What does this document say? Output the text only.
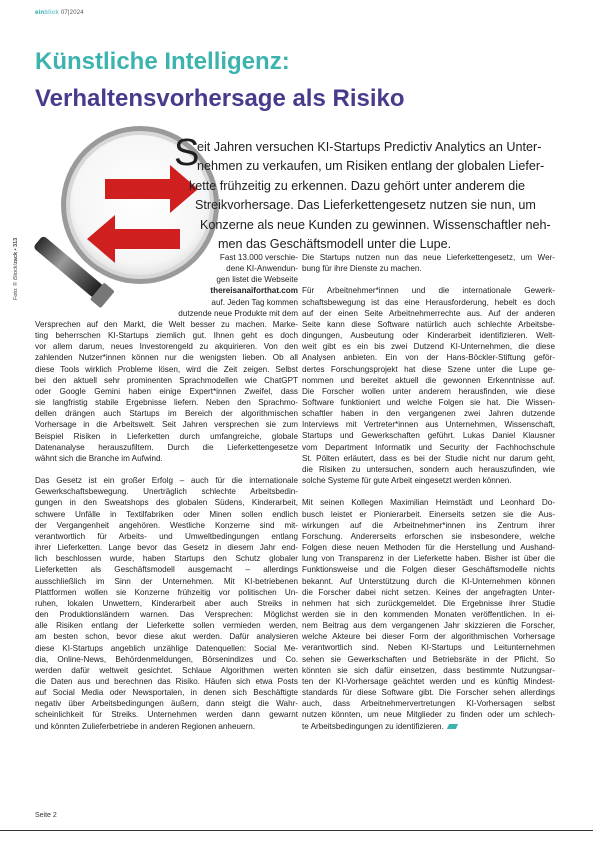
einblick 07|2024
Künstliche Intelligenz:
Verhaltensvorhersage als Risiko
Foto: © iStock/zack • 313
S
eit Jahren versuchen KI-Startups Predictiv Analytics an Unter-
nehmen zu verkaufen, um Risiken entlang der globalen Liefer-
kette frühzeitig zu erkennen. Dazu gehört unter anderem die
Streikvorhersage. Das Lieferkettengesetz nutzen sie nun, um
Konzerne als neue Kunden zu gewinnen. Wissenschaftler neh-
men das Geschäftsmodell unter die Lupe.
Fast 13.000 verschie-
dene KI-Anwendun-
gen listet die Webseite
thereisanaiforthat.com
auf. Jeden Tag kommen
dutzende neue Produkte mit dem
Versprechen auf den Markt, die Welt besser zu machen. Marke-
ting beherrschen KI-Startups ziemlich gut. Ihnen geht es doch
vor allem darum, neues Investorengeld zu akquirieren. Von den
zahlenden Nutzer*innen können nur die wenigsten lieben. Ob all
diese Tools wirklich Probleme lösen, wird die Zeit zeigen. Selbst
bei den aktuell sehr prominenten Sprachmodellen wie ChatGPT
oder Google Gemini haben einige Expert*innen Zweifel, dass
sie langfristig stabile Ergebnisse liefern. Neben den Sprachmo-
dellen drängen auch Startups im Bereich der algorithmischen
Vorhersage in die Arbeitswelt. Seit Jahren versprechen sie zum
Beispiel Risiken in Lieferketten durch umfangreiche, globale
Datenanalyse herauszufiltern. Durch die Lieferkettengesetze
wähnt sich die Branche im Aufwind.
Das Gesetz ist ein großer Erfolg – auch für die internationale
Gewerkschaftsbewegung. Unerträglich schlechte Arbeitsbedin-
gungen in den Sweatshops des globalen Südens, Kinderarbeit,
schwere Unfälle in Textilfabriken oder Minen sollen endlich
der Vergangenheit angehören. Westliche Konzerne sind mit-
verantwortlich für Arbeits- und Umweltbedingungen entlang
ihrer Lieferketten. Lange bevor das Gesetz in diesem Jahr end-
lich beschlossen wurde, haben Startups den Schutz globaler
Lieferketten als Geschäftsmodell ausgemacht – allerdings
ausschließlich im Sinn der Unternehmen. Mit KI-betriebenen
Plattformen wollen sie Konzerne frühzeitig vor politischen Un-
ruhen, lokalen Unwettern, Kinderarbeit aber auch Streiks in
den Produktionsländern warnen. Das Versprechen: Möglichst
alle Risiken entlang der Lieferkette sollen vermieden werden,
am besten schon, bevor diese akut werden. Dafür analysieren
diese KI-Startups angeblich unzählige Datenquellen: Social Me-
dia, Online-News, Behördenmeldungen, Börsenindizes und Co.
werden dafür weltweit gesichtet. Schlaue Algorithmen werten
die Daten aus und berechnen das Risiko. Häufen sich etwa Posts
auf Social Media oder Newsportalen, in denen sich Beschäftigte
negativ über Arbeitsbedingungen äußern, dann steigt die Wahr-
scheinlichkeit für Streiks. Unternehmen werden dann gewarnt
und könnten Zulieferbetriebe in anderen Regionen anheuern.
Die Startups nutzen nun das neue Lieferkettengesetz, um Wer-
bung für ihre Dienste zu machen.
Für Arbeitnehmer*innen und die internationale Gewerk-
schaftsbewegung ist das eine Herausforderung, hebelt es doch
auf der einen Seite Arbeitnehmerrechte aus. Auf der anderen
Seite kann diese Software natürlich auch schlechte Arbeitsbe-
dingungen, Ausbeutung oder Kinderarbeit identifizieren. Welt-
weit gibt es ein bis zwei Dutzend KI-Unternehmen, die diese
Analysen anbieten. Ein von der Hans-Böckler-Stiftung geför-
dertes Forschungsprojekt hat diese Szene unter die Lupe ge-
nommen und bereitet aktuell die gewonnen Erkenntnisse auf.
Die Forscher wollen unter anderem herausfinden, wie diese
Software funktioniert und welche Folgen sie hat. Die Wissen-
schaftler haben in den vergangenen zwei Jahren dutzende
Interviews mit Vertreter*innen aus Unternehmen, Wissenschaft,
Startups und Gewerkschaften geführt. Lukas Daniel Klausner
vom Department Informatik und Security der Fachhochschule
St. Pölten erläutert, dass es bei der Studie nicht nur darum geht,
die Risiken zu untersuchen, sondern auch herauszufinden, wie
solche Systeme für gute Arbeit eingesetzt werden können.
Mit seinen Kollegen Maximilian Heimstädt und Leonhard Do-
busch leistet er Pionierarbeit. Einerseits setzen sie die Aus-
wirkungen auf die Arbeitnehmer*innen ins Zentrum ihrer
Forschung. Andererseits erforschen sie insbesondere, welche
Folgen diese neuen Methoden für die Herstellung und Aushand-
lung von Transparenz in der Lieferkette haben. Bisher ist über die
Funktionsweise und die Folgen dieser Geschäftsmodelle nichts
bekannt. Auf Unterstützung durch die KI-Unternehmen können
die Forscher dabei nicht setzen. Keines der angefragten Unter-
nehmen hat sich zurückgemeldet. Die Ergebnisse ihrer Studie
werden sie in den kommenden Monaten veröffentlichen. In ei-
nem Beitrag aus dem vergangenen Jahr skizzieren die Forscher,
welche Akteure bei dieser Form der algorithmischen Vorhersage
verantwortlich sind. Neben KI-Startups und Leitunternehmen
sehen sie Gewerkschaften und Betriebsräte in der Pflicht. So
könnten sie sich dafür einsetzen, dass bestimmte Nutzungsar-
ten der KI-Vorhersage geächtet werden und es künftig Mindest-
standards für diese Software gibt. Die Forscher sehen allerdings
auch, dass Arbeitnehmervertretungen KI-Vorhersagen selbst
nutzen könnten, um neue Mitglieder zu finden oder um schlech-
te Arbeitsbedingungen zu identifizieren.
Seite 2
